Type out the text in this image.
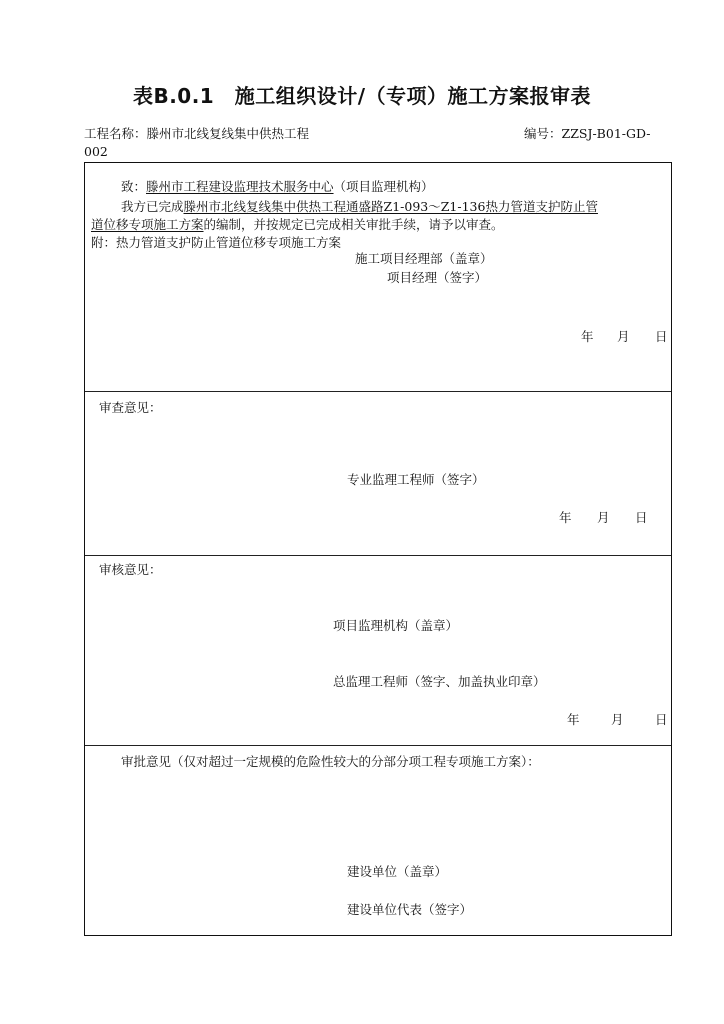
表B.0.1　施工组织设计/（专项）施工方案报审表
工程名称：滕州市北线复线集中供热工程	编号：ZZSJ-B01-GD-
002
致：滕州市工程建设监理技术服务中心（项目监理机构）
我方已完成滕州市北线复线集中供热工程通盛路Z1-093～Z1-136热力管道支护防止管
道位移专项施工方案的编制，并按规定已完成相关审批手续，请予以审查。
附：热力管道支护防止管道位移专项施工方案
施工项目经理部（盖章）
项目经理（签字）
年 月 日
审查意见：
专业监理工程师（签字）
年 月 日
审核意见：
项目监理机构（盖章）
总监理工程师（签字、加盖执业印章）
年	月	日
审批意见（仅对超过一定规模的危险性较大的分部分项工程专项施工方案）：
建设单位（盖章）
建设单位代表（签字）
